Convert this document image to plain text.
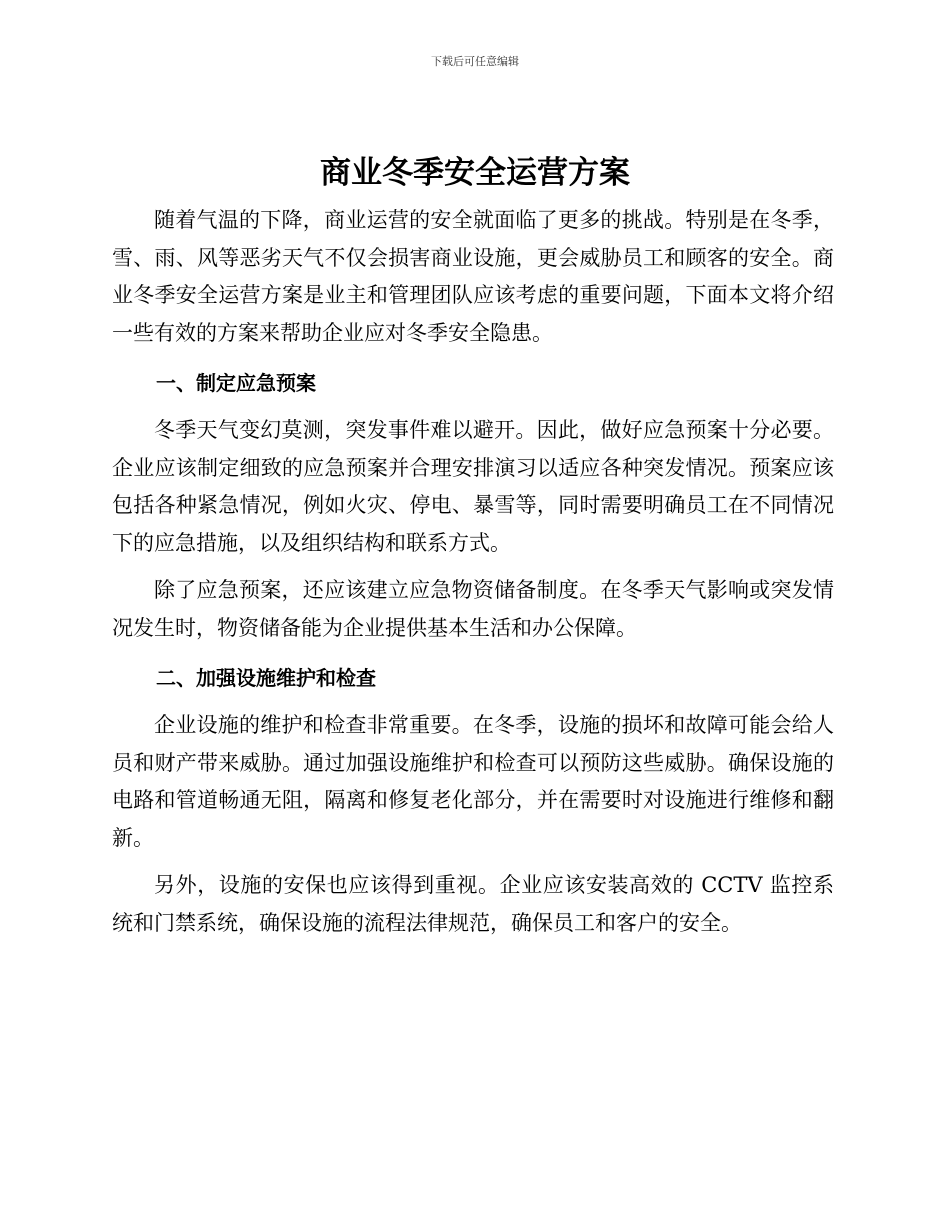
下载后可任意编辑
商业冬季安全运营方案

随着气温的下降，商业运营的安全就面临了更多的挑战。特别是在冬季，雪、雨、风等恶劣天气不仅会损害商业设施，更会威胁员工和顾客的安全。商业冬季安全运营方案是业主和管理团队应该考虑的重要问题，下面本文将介绍一些有效的方案来帮助企业应对冬季安全隐患。

一、制定应急预案

冬季天气变幻莫测，突发事件难以避开。因此，做好应急预案十分必要。企业应该制定细致的应急预案并合理安排演习以适应各种突发情况。预案应该包括各种紧急情况，例如火灾、停电、暴雪等，同时需要明确员工在不同情况下的应急措施，以及组织结构和联系方式。

除了应急预案，还应该建立应急物资储备制度。在冬季天气影响或突发情况发生时，物资储备能为企业提供基本生活和办公保障。

二、加强设施维护和检查

企业设施的维护和检查非常重要。在冬季，设施的损坏和故障可能会给人员和财产带来威胁。通过加强设施维护和检查可以预防这些威胁。确保设施的电路和管道畅通无阻，隔离和修复老化部分，并在需要时对设施进行维修和翻新。

另外，设施的安保也应该得到重视。企业应该安装高效的 CCTV 监控系统和门禁系统，确保设施的流程法律规范，确保员工和客户的安全。
